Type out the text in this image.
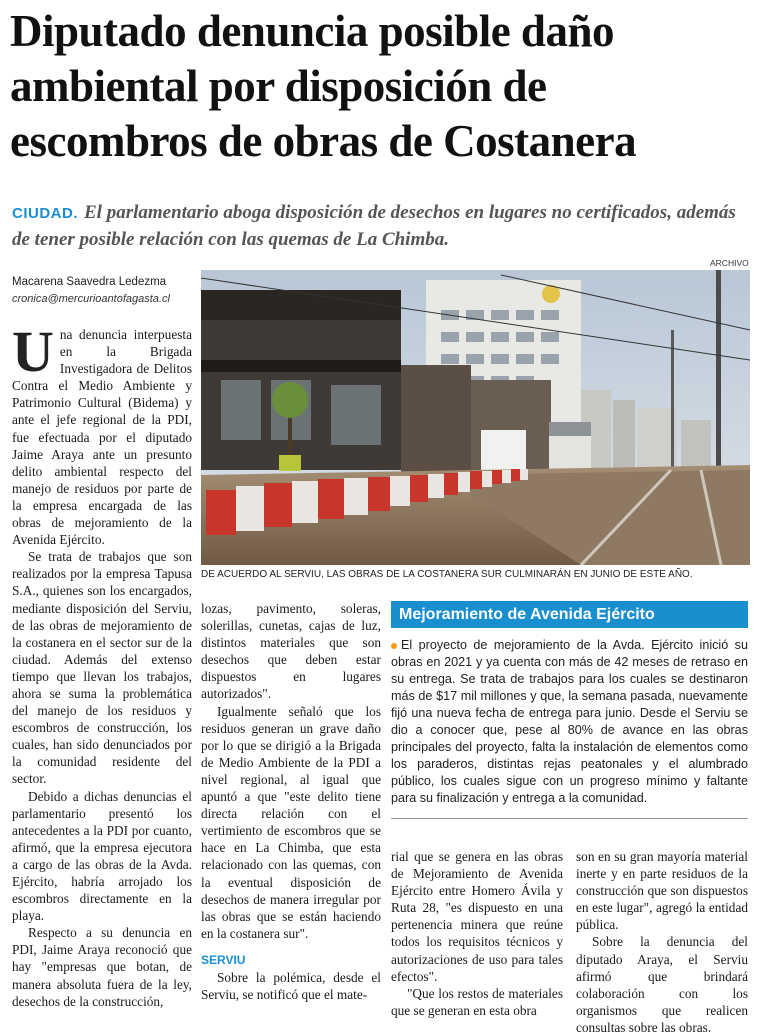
Diputado denuncia posible daño
ambiental por disposición de
escombros de obras de Costanera
CIUDAD. El parlamentario aboga disposición de desechos en lugares no certificados, además de tener posible relación con las quemas de La Chimba.
Macarena Saavedra Ledezma
cronica@mercurioantofagasta.cl
ARCHIVO
DE ACUERDO AL SERVIU, LAS OBRAS DE LA COSTANERA SUR CULMINARÁN EN JUNIO DE ESTE AÑO.

Una denuncia interpuesta en la Brigada Investigadora de Delitos Contra el Medio Ambiente y Patrimonio Cultural (Bidema) y ante el jefe regional de la PDI, fue efectuada por el diputado Jaime Araya ante un presunto delito ambiental respecto del manejo de residuos por parte de la empresa encargada de las obras de mejoramiento de la Avenida Ejército.

Se trata de trabajos que son realizados por la empresa Tapusa S.A., quienes son los encargados, mediante disposición del Serviu, de las obras de mejoramiento de la costanera en el sector sur de la ciudad. Además del extenso tiempo que llevan los trabajos, ahora se suma la problemática del manejo de los residuos y escombros de construcción, los cuales, han sido denunciados por la comunidad residente del sector.

Debido a dichas denuncias el parlamentario presentó los antecedentes a la PDI por cuanto, afirmó, que la empresa ejecutora a cargo de las obras de la Avda. Ejército, habría arrojado los escombros directamente en la playa.

Respecto a su denuncia en PDI, Jaime Araya reconoció que hay "empresas que botan, de manera absoluta fuera de la ley, desechos de la construcción,

lozas, pavimento, soleras, solerillas, cunetas, cajas de luz, distintos materiales que son desechos que deben estar dispuestos en lugares autorizados".

Igualmente señaló que los residuos generan un grave daño por lo que se dirigió a la Brigada de Medio Ambiente de la PDI a nivel regional, al igual que apuntó a que "este delito tiene directa relación con el vertimiento de escombros que se hace en La Chimba, que esta relacionado con las quemas, con la eventual disposición de desechos de manera irregular por las obras que se están haciendo en la costanera sur".

SERVIU

Sobre la polémica, desde el Serviu, se notificó que el mate-

Mejoramiento de Avenida Ejército
El proyecto de mejoramiento de la Avda. Ejército inició su obras en 2021 y ya cuenta con más de 42 meses de retraso en su entrega. Se trata de trabajos para los cuales se destinaron más de $17 mil millones y que, la semana pasada, nuevamente fijó una nueva fecha de entrega para junio. Desde el Serviu se dio a conocer que, pese al 80% de avance en las obras principales del proyecto, falta la instalación de elementos como los paraderos, distintas rejas peatonales y el alumbrado público, los cuales sigue con un progreso mínimo y faltante para su finalización y entrega a la comunidad.

rial que se genera en las obras de Mejoramiento de Avenida Ejército entre Homero Ávila y Ruta 28, "es dispuesto en una pertenencia minera que reúne todos los requisitos técnicos y autorizaciones de uso para tales efectos".

"Que los restos de materiales que se generan en esta obra

son en su gran mayoría material inerte y en parte residuos de la construcción que son dispuestos en este lugar", agregó la entidad pública.

Sobre la denuncia del diputado Araya, el Serviu afirmó que brindará colaboración con los organismos que realicen consultas sobre las obras.
